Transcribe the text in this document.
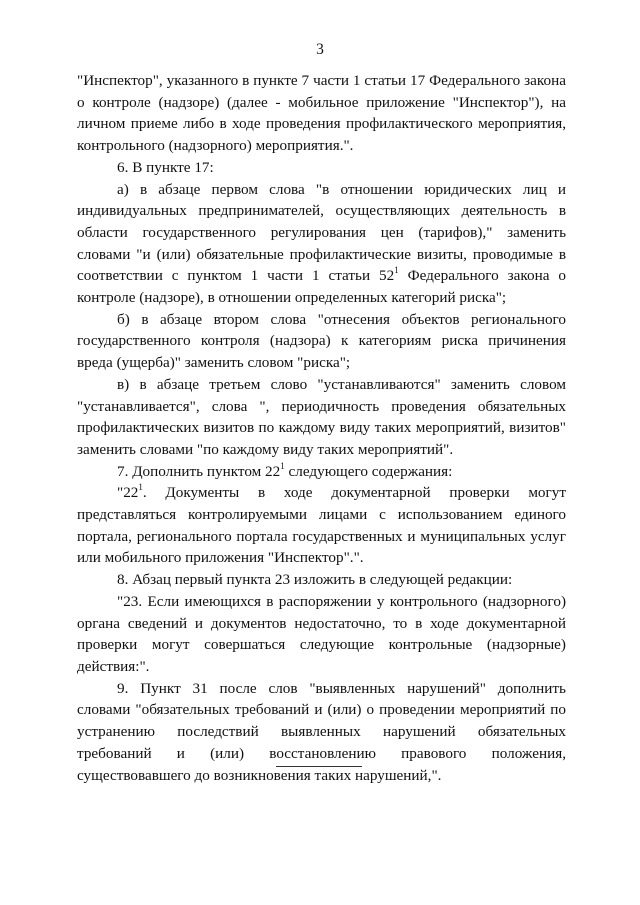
3

"Инспектор", указанного в пункте 7 части 1 статьи 17 Федерального закона о контроле (надзоре) (далее - мобильное приложение "Инспектор"), на личном приеме либо в ходе проведения профилактического мероприятия, контрольного (надзорного) мероприятия.".

6. В пункте 17:

а) в абзаце первом слова "в отношении юридических лиц и индивидуальных предпринимателей, осуществляющих деятельность в области государственного регулирования цен (тарифов)," заменить словами "и (или) обязательные профилактические визиты, проводимые в соответствии с пунктом 1 части 1 статьи $52^1$ Федерального закона о контроле (надзоре), в отношении определенных категорий риска";

б) в абзаце втором слова "отнесения объектов регионального государственного контроля (надзора) к категориям риска причинения вреда (ущерба)" заменить словом "риска";

в) в абзаце третьем слово "устанавливаются" заменить словом "устанавливается", слова ", периодичность проведения обязательных профилактических визитов по каждому виду таких мероприятий, визитов" заменить словами "по каждому виду таких мероприятий".

7. Дополнить пунктом $22^1$ следующего содержания:

"$22^1$. Документы в ходе документарной проверки могут представляться контролируемыми лицами с использованием единого портала, регионального портала государственных и муниципальных услуг или мобильного приложения "Инспектор".".

8. Абзац первый пункта 23 изложить в следующей редакции:

"23. Если имеющихся в распоряжении у контрольного (надзорного) органа сведений и документов недостаточно, то в ходе документарной проверки могут совершаться следующие контрольные (надзорные) действия:".

9. Пункт 31 после слов "выявленных нарушений" дополнить словами "обязательных требований и (или) о проведении мероприятий по устранению последствий выявленных нарушений обязательных требований и (или) восстановлению правового положения, существовавшего до возникновения таких нарушений,".
